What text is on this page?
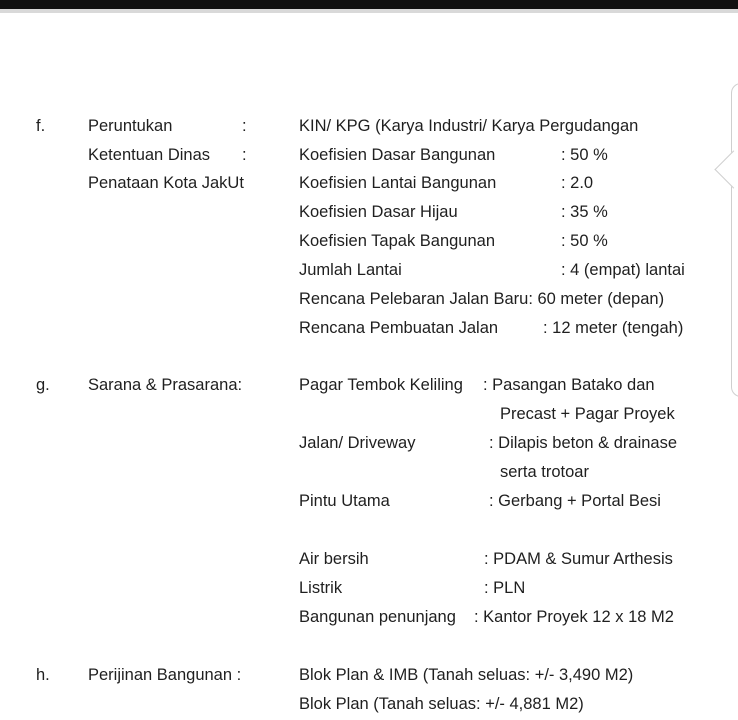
f.	Peruntukan	:	KIN/ KPG (Karya Industri/ Karya Pergudangan
Ketentuan Dinas :	Koefisien Dasar Bangunan	: 50 %
Penataan Kota JakUt	Koefisien Lantai Bangunan	: 2.0
Koefisien Dasar Hijau	: 35 %
Koefisien Tapak Bangunan	: 50 %
Jumlah Lantai	: 4 (empat) lantai
Rencana Pelebaran Jalan Baru: 60 meter (depan)
Rencana Pembuatan Jalan	: 12 meter (tengah)
g. Sarana & Prasarana:	Pagar Tembok Keliling : Pasangan Batako dan
Precast + Pagar Proyek
Jalan/ Driveway	: Dilapis beton & drainase
serta trotoar
Pintu Utama	: Gerbang + Portal Besi
Air bersih	: PDAM & Sumur Arthesis
Listrik	: PLN
Bangunan penunjang : Kantor Proyek 12 x 18 M2
h. Perijinan Bangunan :	Blok Plan & IMB (Tanah seluas: +/- 3,490 M2)
Blok Plan (Tanah seluas: +/- 4,881 M2)
